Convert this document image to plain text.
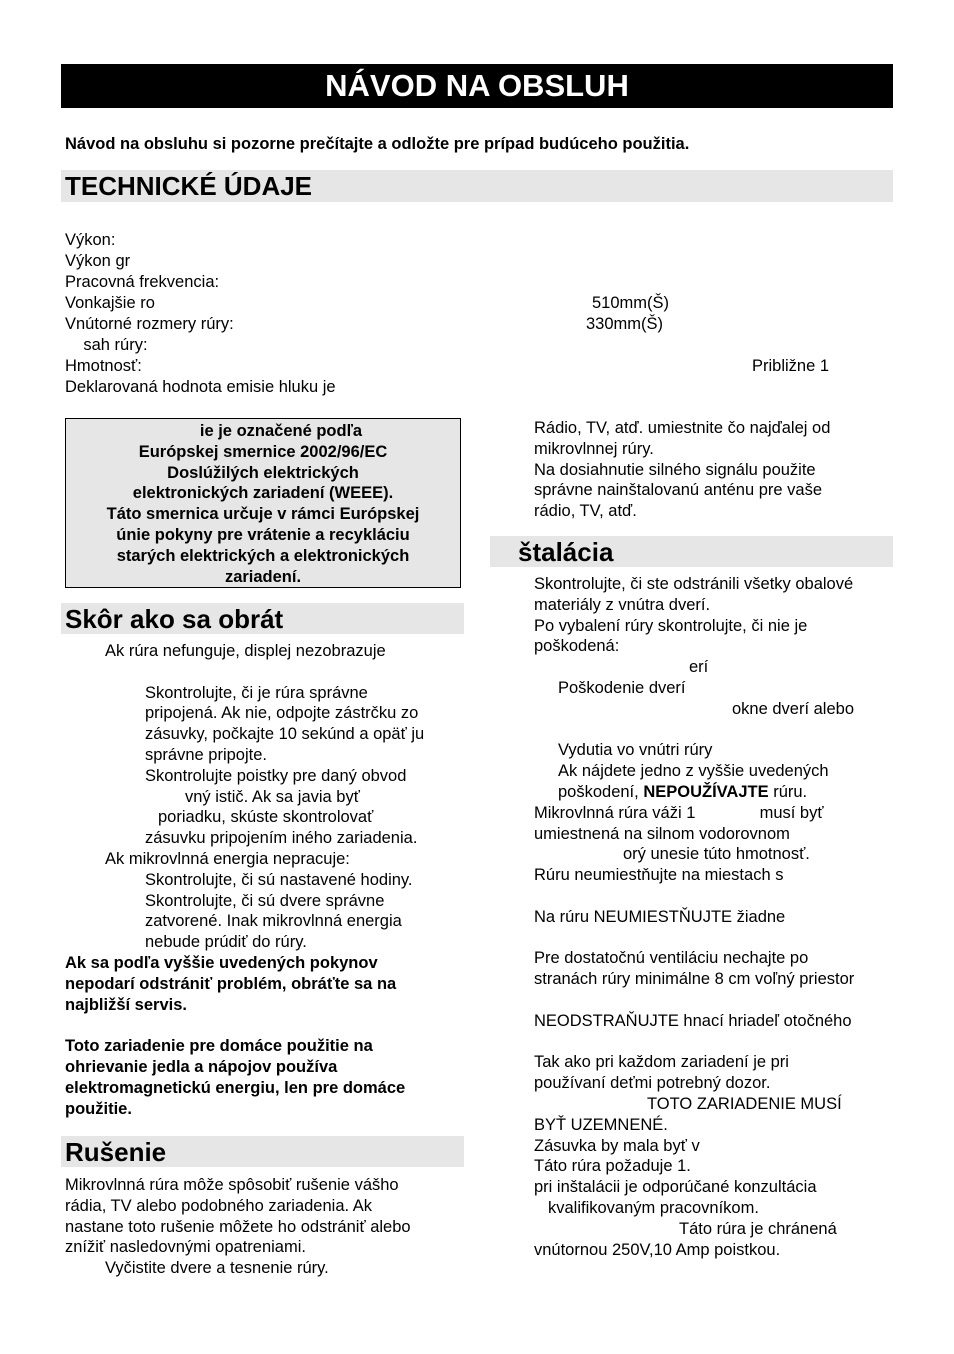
NÁVOD NA OBSLUH
Návod na obsluhu si pozorne prečítajte a odložte pre prípad budúceho použitia.
TECHNICKÉ ÚDAJE
Výkon:
Výkon gr
Pracovná frekvencia:
Vonkajšie ro
Vnútorné rozmery rúry:
sah rúry:
Hmotnosť:
Deklarovaná hodnota emisie hluku je
510mm(Š)
330mm(Š)
Približne 1
ie je označené podľa
Európskej smernice 2002/96/EC
Doslúžilých elektrických
elektronických zariadení (WEEE).
Táto smernica určuje v rámci Európskej
únie pokyny pre vrátenie a recykláciu
starých elektrických a elektronických
zariadení.
Skôr ako sa obrát
Ak rúra nefunguje, displej nezobrazuje
Skontrolujte, či je rúra správne
pripojená. Ak nie, odpojte zástrčku zo
zásuvky, počkajte 10 sekúnd a opäť ju
správne pripojte.
Skontrolujte poistky pre daný obvod
vný istič. Ak sa javia byť
poriadku, skúste skontrolovať
zásuvku pripojením iného zariadenia.
Ak mikrovlnná energia nepracuje:
Skontrolujte, či sú nastavené hodiny.
Skontrolujte, či sú dvere správne
zatvorené. Inak mikrovlnná energia
nebude prúdiť do rúry.
Ak sa podľa vyššie uvedených pokynov
nepodarí odstrániť problém, obráťte sa na
najbližší servis.
Toto zariadenie pre domáce použitie na
ohrievanie jedla a nápojov používa
elektromagnetickú energiu, len pre domáce
použitie.
Rušenie
Mikrovlnná rúra môže spôsobiť rušenie vášho
rádia, TV alebo podobného zariadenia. Ak
nastane toto rušenie môžete ho odstrániť alebo
znížiť nasledovnými opatreniami.
Vyčistite dvere a tesnenie rúry.
Rádio, TV, atď. umiestnite čo najďalej od
mikrovlnnej rúry.
Na dosiahnutie silného signálu použite
správne nainštalovanú anténu pre vaše
rádio, TV, atď.
štalácia
Skontrolujte, či ste odstránili všetky obalové
materiály z vnútra dverí.
Po vybalení rúry skontrolujte, či nie je
poškodená:
erí
Poškodenie dverí
okne dverí alebo
Vydutia vo vnútri rúry
Ak nájdete jedno z vyššie uvedených
poškodení, NEPOUŽÍVAJTE rúru.
Mikrovlnná rúra váži 1              musí byť
umiestnená na silnom vodorovnom
orý unesie túto hmotnosť.
Rúru neumiestňujte na miestach s
Na rúru NEUMIESTŇUJTE žiadne
Pre dostatočnú ventiláciu nechajte po
stranách rúry minimálne 8 cm voľný priestor
NEODSTRAŇUJTE hnací hriadeľ otočného
Tak ako pri každom zariadení je pri
používaní deťmi potrebný dozor.
TOTO ZARIADENIE MUSÍ
BYŤ UZEMNENÉ.
Zásuvka by mala byť v
Táto rúra požaduje 1.
pri inštalácii je odporúčané konzultácia
kvalifikovaným pracovníkom.
Táto rúra je chránená
vnútornou 250V,10 Amp poistkou.
